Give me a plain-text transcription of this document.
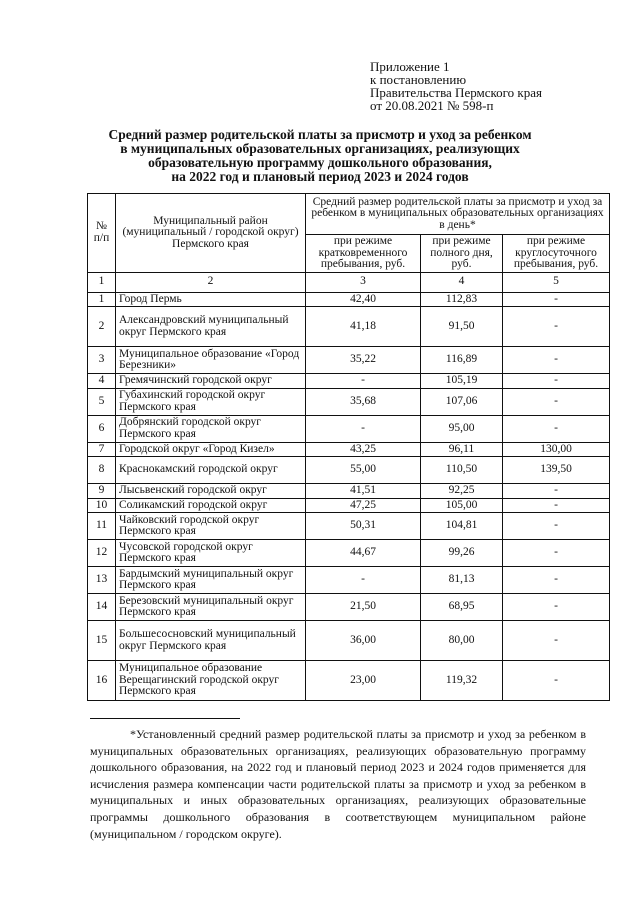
Приложение 1
к постановлению
Правительства Пермского края
от 20.08.2021 № 598-п
Средний размер родительской платы за присмотр и уход за ребенком
в муниципальных образовательных организациях, реализующих
образовательную программу дошкольного образования,
на 2022 год и плановый период 2023 и 2024 годов
№ п/п	Муниципальный район (муниципальный / городской округ) Пермского края	Средний размер родительской платы за присмотр и уход за ребенком в муниципальных образовательных организациях в день*		
		при режиме кратковременного пребывания, руб.	при режиме полного дня, руб.	при режиме круглосуточного пребывания, руб.
1	2	3	4	5
1	Город Пермь	42,40	112,83	-
2	Александровский муниципальный округ Пермского края	41,18	91,50	-
3	Муниципальное образование «Город Березники»	35,22	116,89	-
4	Гремячинский городской округ	-	105,19	-
5	Губахинский городской округ Пермского края	35,68	107,06	-
6	Добрянский городской округ Пермского края	-	95,00	-
7	Городской округ «Город Кизел»	43,25	96,11	130,00
8	Краснокамский городской округ	55,00	110,50	139,50
9	Лысьвенский городской округ	41,51	92,25	-
10	Соликамский городской округ	47,25	105,00	-
11	Чайковский городской округ Пермского края	50,31	104,81	-
12	Чусовской городской округ Пермского края	44,67	99,26	-
13	Бардымский муниципальный округ Пермского края	-	81,13	-
14	Березовский муниципальный округ Пермского края	21,50	68,95	-
15	Большесосновский муниципальный округ Пермского края	36,00	80,00	-
16	Муниципальное образование Верещагинский городской округ Пермского края	23,00	119,32	-
*Установленный средний размер родительской платы за присмотр и уход за ребенком в муниципальных образовательных организациях, реализующих образовательную программу дошкольного образования, на 2022 год и плановый период 2023 и 2024 годов применяется для исчисления размера компенсации части родительской платы за присмотр и уход за ребенком в муниципальных и иных образовательных организациях, реализующих образовательные программы дошкольного образования в соответствующем муниципальном районе (муниципальном / городском округе).
